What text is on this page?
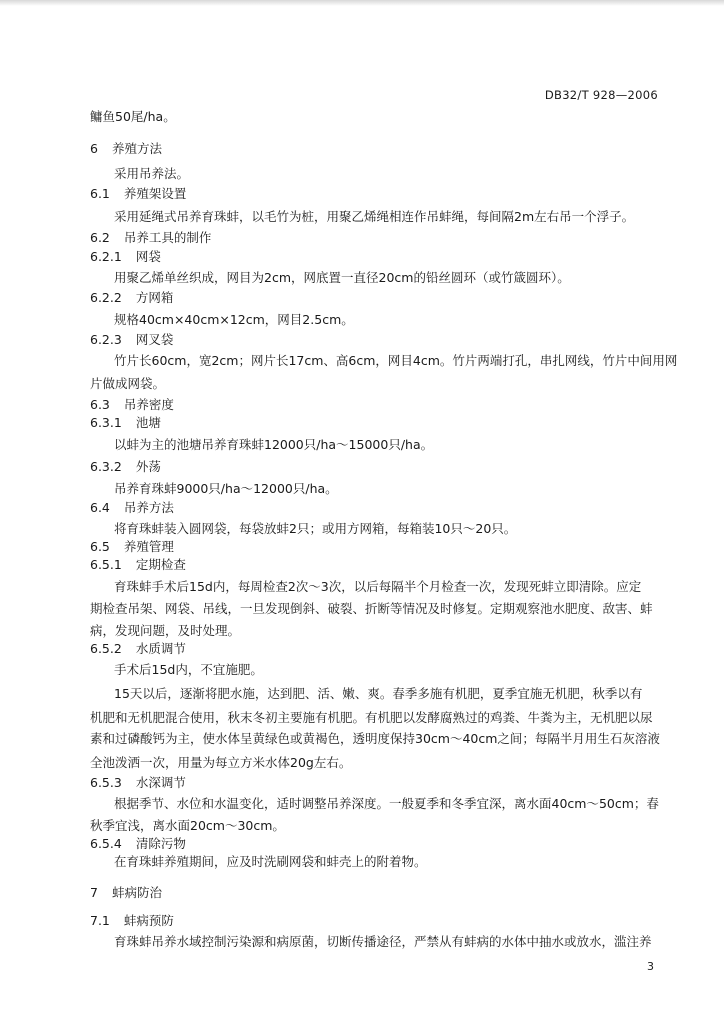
DB32/T 928—2006
鳙鱼50尾/ha。
6 养殖方法
采用吊养法。
6.1 养殖架设置
采用延绳式吊养育珠蚌，以毛竹为桩，用聚乙烯绳相连作吊蚌绳，每间隔2m左右吊一个浮子。
6.2 吊养工具的制作
6.2.1 网袋
用聚乙烯单丝织成，网目为2cm，网底置一直径20cm的铅丝圆环（或竹箴圆环）。
6.2.2 方网箱
规格40cm×40cm×12cm，网目2.5cm。
6.2.3 网叉袋
竹片长60cm，宽2cm；网片长17cm、高6cm，网目4cm。竹片两端打孔，串扎网线，竹片中间用网
片做成网袋。
6.3 吊养密度
6.3.1 池塘
以蚌为主的池塘吊养育珠蚌12000只/ha～15000只/ha。
6.3.2 外荡
吊养育珠蚌9000只/ha～12000只/ha。
6.4 吊养方法
将育珠蚌装入圆网袋，每袋放蚌2只；或用方网箱，每箱装10只～20只。
6.5 养殖管理
6.5.1 定期检查
育珠蚌手术后15d内，每周检查2次～3次，以后每隔半个月检查一次，发现死蚌立即清除。应定
期检查吊架、网袋、吊线，一旦发现倒斜、破裂、折断等情况及时修复。定期观察池水肥度、敌害、蚌
病，发现问题，及时处理。
6.5.2 水质调节
手术后15d内，不宜施肥。
15天以后，逐渐将肥水施，达到肥、活、嫩、爽。春季多施有机肥，夏季宜施无机肥，秋季以有
机肥和无机肥混合使用，秋末冬初主要施有机肥。有机肥以发酵腐熟过的鸡粪、牛粪为主，无机肥以尿
素和过磷酸钙为主，使水体呈黄绿色或黄褐色，透明度保持30cm～40cm之间；每隔半月用生石灰溶液
全池泼洒一次，用量为每立方米水体20g左右。
6.5.3 水深调节
根据季节、水位和水温变化，适时调整吊养深度。一般夏季和冬季宜深，离水面40cm～50cm；春
秋季宜浅，离水面20cm～30cm。
6.5.4 清除污物
在育珠蚌养殖期间，应及时洗刷网袋和蚌壳上的附着物。
7 蚌病防治
7.1 蚌病预防
育珠蚌吊养水域控制污染源和病原菌，切断传播途径，严禁从有蚌病的水体中抽水或放水，滥注养
3
